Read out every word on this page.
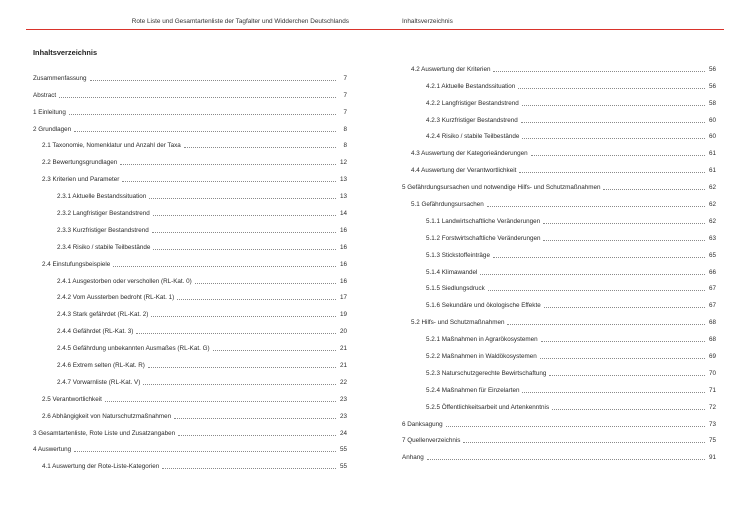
Rote Liste und Gesamtartenliste der Tagfalter und Widderchen Deutschlands
Inhaltsverzeichnis
Zusammenfassung	7
Abstract	7
1 Einleitung	7
2 Grundlagen	8
2.1 Taxonomie, Nomenklatur und Anzahl der Taxa	8
2.2 Bewertungsgrundlagen	12
2.3 Kriterien und Parameter	13
2.3.1 Aktuelle Bestandssituation	13
2.3.2 Langfristiger Bestandstrend	14
2.3.3 Kurzfristiger Bestandstrend	16
2.3.4 Risiko / stabile Teilbestände	16
2.4 Einstufungsbeispiele	16
2.4.1 Ausgestorben oder verschollen (RL-Kat. 0)	16
2.4.2 Vom Aussterben bedroht (RL-Kat. 1)	17
2.4.3 Stark gefährdet (RL-Kat. 2)	19
2.4.4 Gefährdet (RL-Kat. 3)	20
2.4.5 Gefährdung unbekannten Ausmaßes (RL-Kat. G)	21
2.4.6 Extrem selten (RL-Kat. R)	21
2.4.7 Vorwarnliste (RL-Kat. V)	22
2.5 Verantwortlichkeit	23
2.6 Abhängigkeit von Naturschutzmaßnahmen	23
3 Gesamtartenliste, Rote Liste und Zusatzangaben	24
4 Auswertung	55
4.1 Auswertung der Rote-Liste-Kategorien	55
Inhaltsverzeichnis
4.2 Auswertung der Kriterien	56
4.2.1 Aktuelle Bestandssituation	56
4.2.2 Langfristiger Bestandstrend	58
4.2.3 Kurzfristiger Bestandstrend	60
4.2.4 Risiko / stabile Teilbestände	60
4.3 Auswertung der Kategorieänderungen	61
4.4 Auswertung der Verantwortlichkeit	61
5 Gefährdungsursachen und notwendige Hilfs- und Schutzmaßnahmen	62
5.1 Gefährdungsursachen	62
5.1.1 Landwirtschaftliche Veränderungen	62
5.1.2 Forstwirtschaftliche Veränderungen	63
5.1.3 Stickstoffeinträge	65
5.1.4 Klimawandel	66
5.1.5 Siedlungsdruck	67
5.1.6 Sekundäre und ökologische Effekte	67
5.2 Hilfs- und Schutzmaßnahmen	68
5.2.1 Maßnahmen in Agrarökosystemen	68
5.2.2 Maßnahmen in Waldökosystemen	69
5.2.3 Naturschutzgerechte Bewirtschaftung	70
5.2.4 Maßnahmen für Einzelarten	71
5.2.5 Öffentlichkeitsarbeit und Artenkenntnis	72
6 Danksagung	73
7 Quellenverzeichnis	75
Anhang	91
